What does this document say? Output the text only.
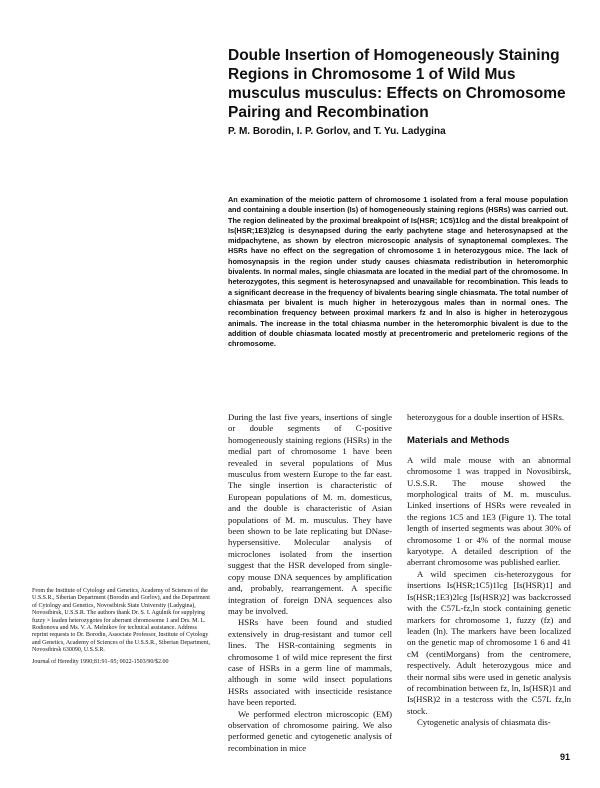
Double Insertion of Homogeneously Staining Regions in Chromosome 1 of Wild Mus musculus musculus: Effects on Chromosome Pairing and Recombination
P. M. Borodin, I. P. Gorlov, and T. Yu. Ladygina
An examination of the meiotic pattern of chromosome 1 isolated from a feral mouse population and containing a double insertion (Is) of homogeneously staining regions (HSRs) was carried out. The region delineated by the proximal breakpoint of Is(HSR; 1C5)1lcg and the distal breakpoint of Is(HSR;1E3)2lcg is desynapsed during the early pachytene stage and heterosynapsed at the midpachytene, as shown by electron microscopic analysis of synaptonemal complexes. The HSRs have no effect on the segregation of chromosome 1 in heterozygous mice. The lack of homosynapsis in the region under study causes chiasmata redistribution in heteromorphic bivalents. In normal males, single chiasmata are located in the medial part of the chromosome. In heterozygotes, this segment is heterosynapsed and unavailable for recombination. This leads to a significant decrease in the frequency of bivalents bearing single chiasmata. The total number of chiasmata per bivalent is much higher in heterozygous males than in normal ones. The recombination frequency between proximal markers fz and ln also is higher in heterozygous animals. The increase in the total chiasma number in the heteromorphic bivalent is due to the addition of double chiasmata located mostly at precentromeric and pretelomeric regions of the chromosome.

During the last five years, insertions of single or double segments of C-positive homogeneously staining regions (HSRs) in the medial part of chromosome 1 have been revealed in several populations of Mus musculus from western Europe to the far east. The single insertion is characteristic of European populations of M. m. domesticus, and the double is characteristic of Asian populations of M. m. musculus. They have been shown to be late replicating but DNase-hypersensitive. Molecular analysis of microclones isolated from the insertion suggest that the HSR developed from single-copy mouse DNA sequences by amplification and, probably, rearrangement. A specific integration of foreign DNA sequences also may be involved.

HSRs have been found and studied extensively in drug-resistant and tumor cell lines. The HSR-containing segments in chromosome 1 of wild mice represent the first case of HSRs in a germ line of mammals, although in some wild insect populations HSRs associated with insecticide resistance have been reported.

We performed electron microscopic (EM) observation of chromosome pairing. We also performed genetic and cytogenetic analysis of recombination in mice

heterozygous for a double insertion of HSRs.

Materials and Methods

A wild male mouse with an abnormal chromosome 1 was trapped in Novosibirsk, U.S.S.R. The mouse showed the morphological traits of M. m. musculus. Linked insertions of HSRs were revealed in the regions 1C5 and 1E3 (Figure 1). The total length of inserted segments was about 30% of chromosome 1 or 4% of the normal mouse karyotype. A detailed description of the aberrant chromosome was published earlier.

A wild specimen cis-heterozygous for insertions Is(HSR;1C5)1lcg [Is(HSR)1] and Is(HSR;1E3)2lcg [Is(HSR)2] was backcrossed with the C57L-fz,ln stock containing genetic markers for chromosome 1, fuzzy (fz) and leaden (ln). The markers have been localized on the genetic map of chromosome 1 6 and 41 cM (centiMorgans) from the centromere, respectively. Adult heterozygous mice and their normal sibs were used in genetic analysis of recombination between fz, ln, Is(HSR)1 and Is(HSR)2 in a testcross with the C57L fz,ln stock.

Cytogenetic analysis of chiasmata dis-

From the Institute of Cytology and Genetics, Academy of Sciences of the U.S.S.R., Siberian Department (Borodin and Gorlov), and the Department of Cytology and Genetics, Novosibirsk State University (Ladygina), Novosibirsk, U.S.S.R. The authors thank Dr. S. I. Agulnik for supplying fuzzy × leaden heterozygotes for aberrant chromosome 1 and Drs. M. L. Rodionova and Ms. V. A. Melnikov for technical assistance. Address reprint requests to Dr. Borodin, Associate Professor, Institute of Cytology and Genetics, Academy of Sciences of the U.S.S.R., Siberian Department, Novosibirsk 630090, U.S.S.R.

Journal of Heredity 1990;81:91–95; 0022-1503/90/$2.00

91
